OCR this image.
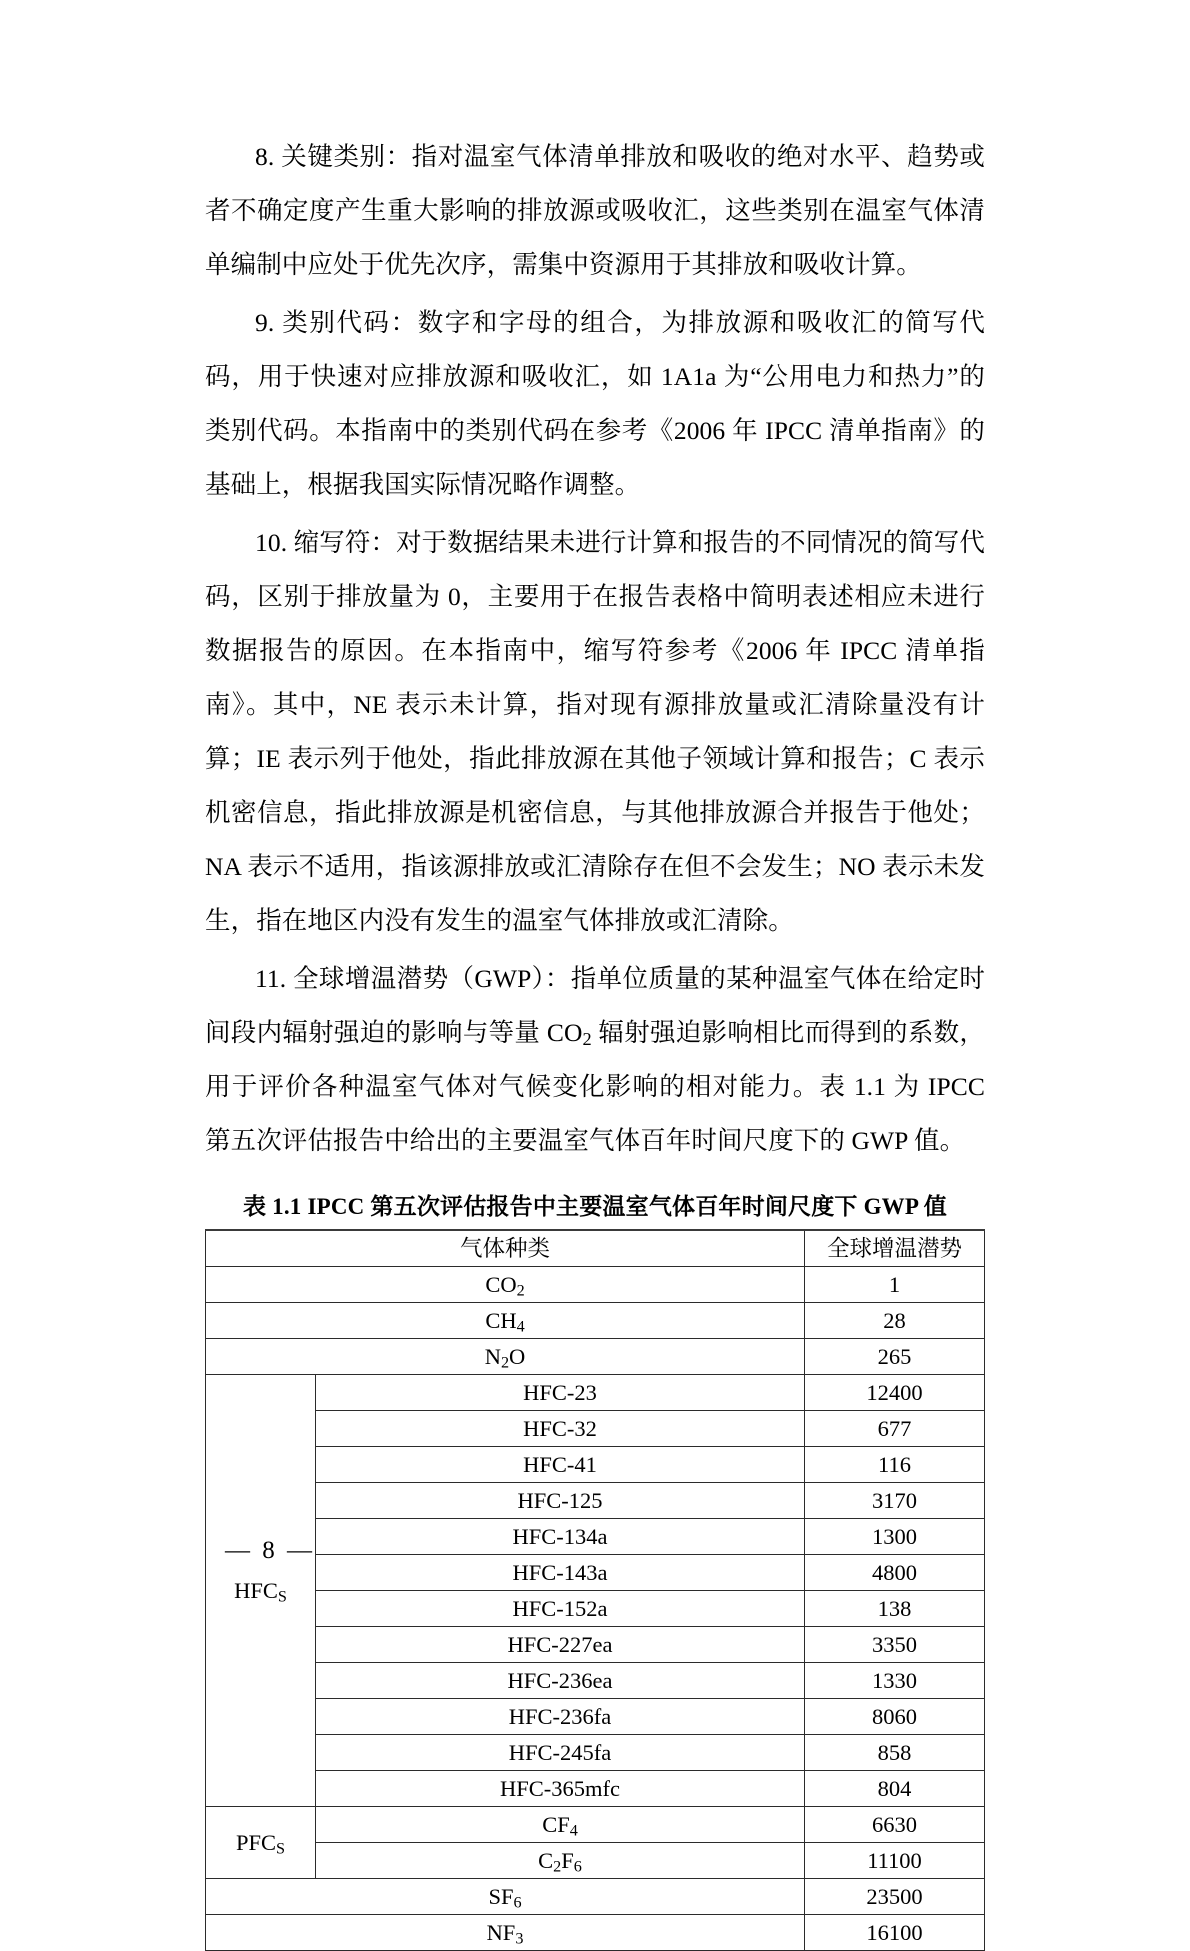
8. 关键类别：指对温室气体清单排放和吸收的绝对水平、趋势或者不确定度产生重大影响的排放源或吸收汇，这些类别在温室气体清单编制中应处于优先次序，需集中资源用于其排放和吸收计算。

9. 类别代码：数字和字母的组合，为排放源和吸收汇的简写代码，用于快速对应排放源和吸收汇，如 1A1a 为“公用电力和热力”的类别代码。本指南中的类别代码在参考《2006 年 IPCC 清单指南》的基础上，根据我国实际情况略作调整。

10. 缩写符：对于数据结果未进行计算和报告的不同情况的简写代码，区别于排放量为 0，主要用于在报告表格中简明表述相应未进行数据报告的原因。在本指南中，缩写符参考《2006 年 IPCC 清单指南》。其中，NE 表示未计算，指对现有源排放量或汇清除量没有计算；IE 表示列于他处，指此排放源在其他子领域计算和报告；C 表示机密信息，指此排放源是机密信息，与其他排放源合并报告于他处；NA 表示不适用，指该源排放或汇清除存在但不会发生；NO 表示未发生，指在地区内没有发生的温室气体排放或汇清除。

11. 全球增温潜势（GWP）：指单位质量的某种温室气体在给定时间段内辐射强迫的影响与等量 $CO_2$ 辐射强迫影响相比而得到的系数，用于评价各种温室气体对气候变化影响的相对能力。表 1.1 为 IPCC 第五次评估报告中给出的主要温室气体百年时间尺度下的 GWP 值。

表 1.1 IPCC 第五次评估报告中主要温室气体百年时间尺度下 GWP 值
气体种类		全球增温潜势
$CO_2$		1
$CH_4$		28
$N_2O$		265
$HFC_S$	HFC-23	12400
	HFC-32	677
	HFC-41	116
	HFC-125	3170
	HFC-134a	1300
	HFC-143a	4800
	HFC-152a	138
	HFC-227ea	3350
	HFC-236ea	1330
	HFC-236fa	8060
	HFC-245fa	858
	HFC-365mfc	804
$PFC_S$	$CF_4$	6630
	$C_2F_6$	11100
$SF_6$		23500
$NF_3$		16100
— 8 —
